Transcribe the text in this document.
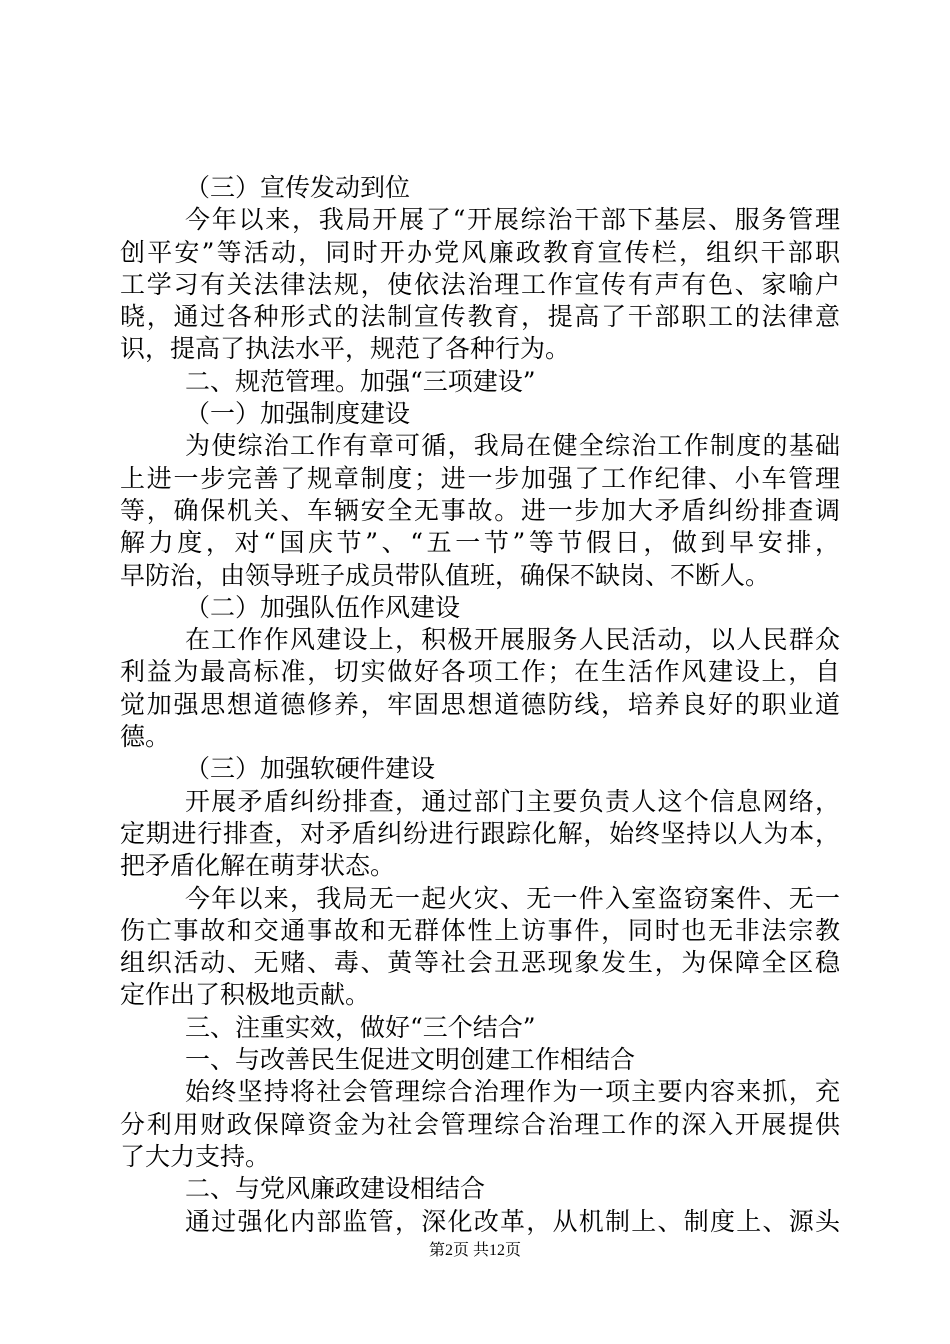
（三）宣传发动到位
今年以来，我局开展了“开展综治干部下基层、服务管理
创平安”等活动，同时开办党风廉政教育宣传栏，组织干部职
工学习有关法律法规，使依法治理工作宣传有声有色、家喻户
晓，通过各种形式的法制宣传教育，提高了干部职工的法律意
识，提高了执法水平，规范了各种行为。
二、规范管理。加强“三项建设”
（一）加强制度建设
为使综治工作有章可循，我局在健全综治工作制度的基础
上进一步完善了规章制度；进一步加强了工作纪律、小车管理
等，确保机关、车辆安全无事故。进一步加大矛盾纠纷排查调
解力度，对“国庆节”、“五一节”等节假日，做到早安排，
早防治，由领导班子成员带队值班，确保不缺岗、不断人。
（二）加强队伍作风建设
在工作作风建设上，积极开展服务人民活动，以人民群众
利益为最高标准，切实做好各项工作；在生活作风建设上，自
觉加强思想道德修养，牢固思想道德防线，培养良好的职业道
德。
（三）加强软硬件建设
开展矛盾纠纷排查，通过部门主要负责人这个信息网络，
定期进行排查，对矛盾纠纷进行跟踪化解，始终坚持以人为本，
把矛盾化解在萌芽状态。
今年以来，我局无一起火灾、无一件入室盗窃案件、无一
伤亡事故和交通事故和无群体性上访事件，同时也无非法宗教
组织活动、无赌、毒、黄等社会丑恶现象发生，为保障全区稳
定作出了积极地贡献。
三、注重实效，做好“三个结合”
一、与改善民生促进文明创建工作相结合
始终坚持将社会管理综合治理作为一项主要内容来抓，充
分利用财政保障资金为社会管理综合治理工作的深入开展提供
了大力支持。
二、与党风廉政建设相结合
通过强化内部监管，深化改革，从机制上、制度上、源头
第2页 共12页
